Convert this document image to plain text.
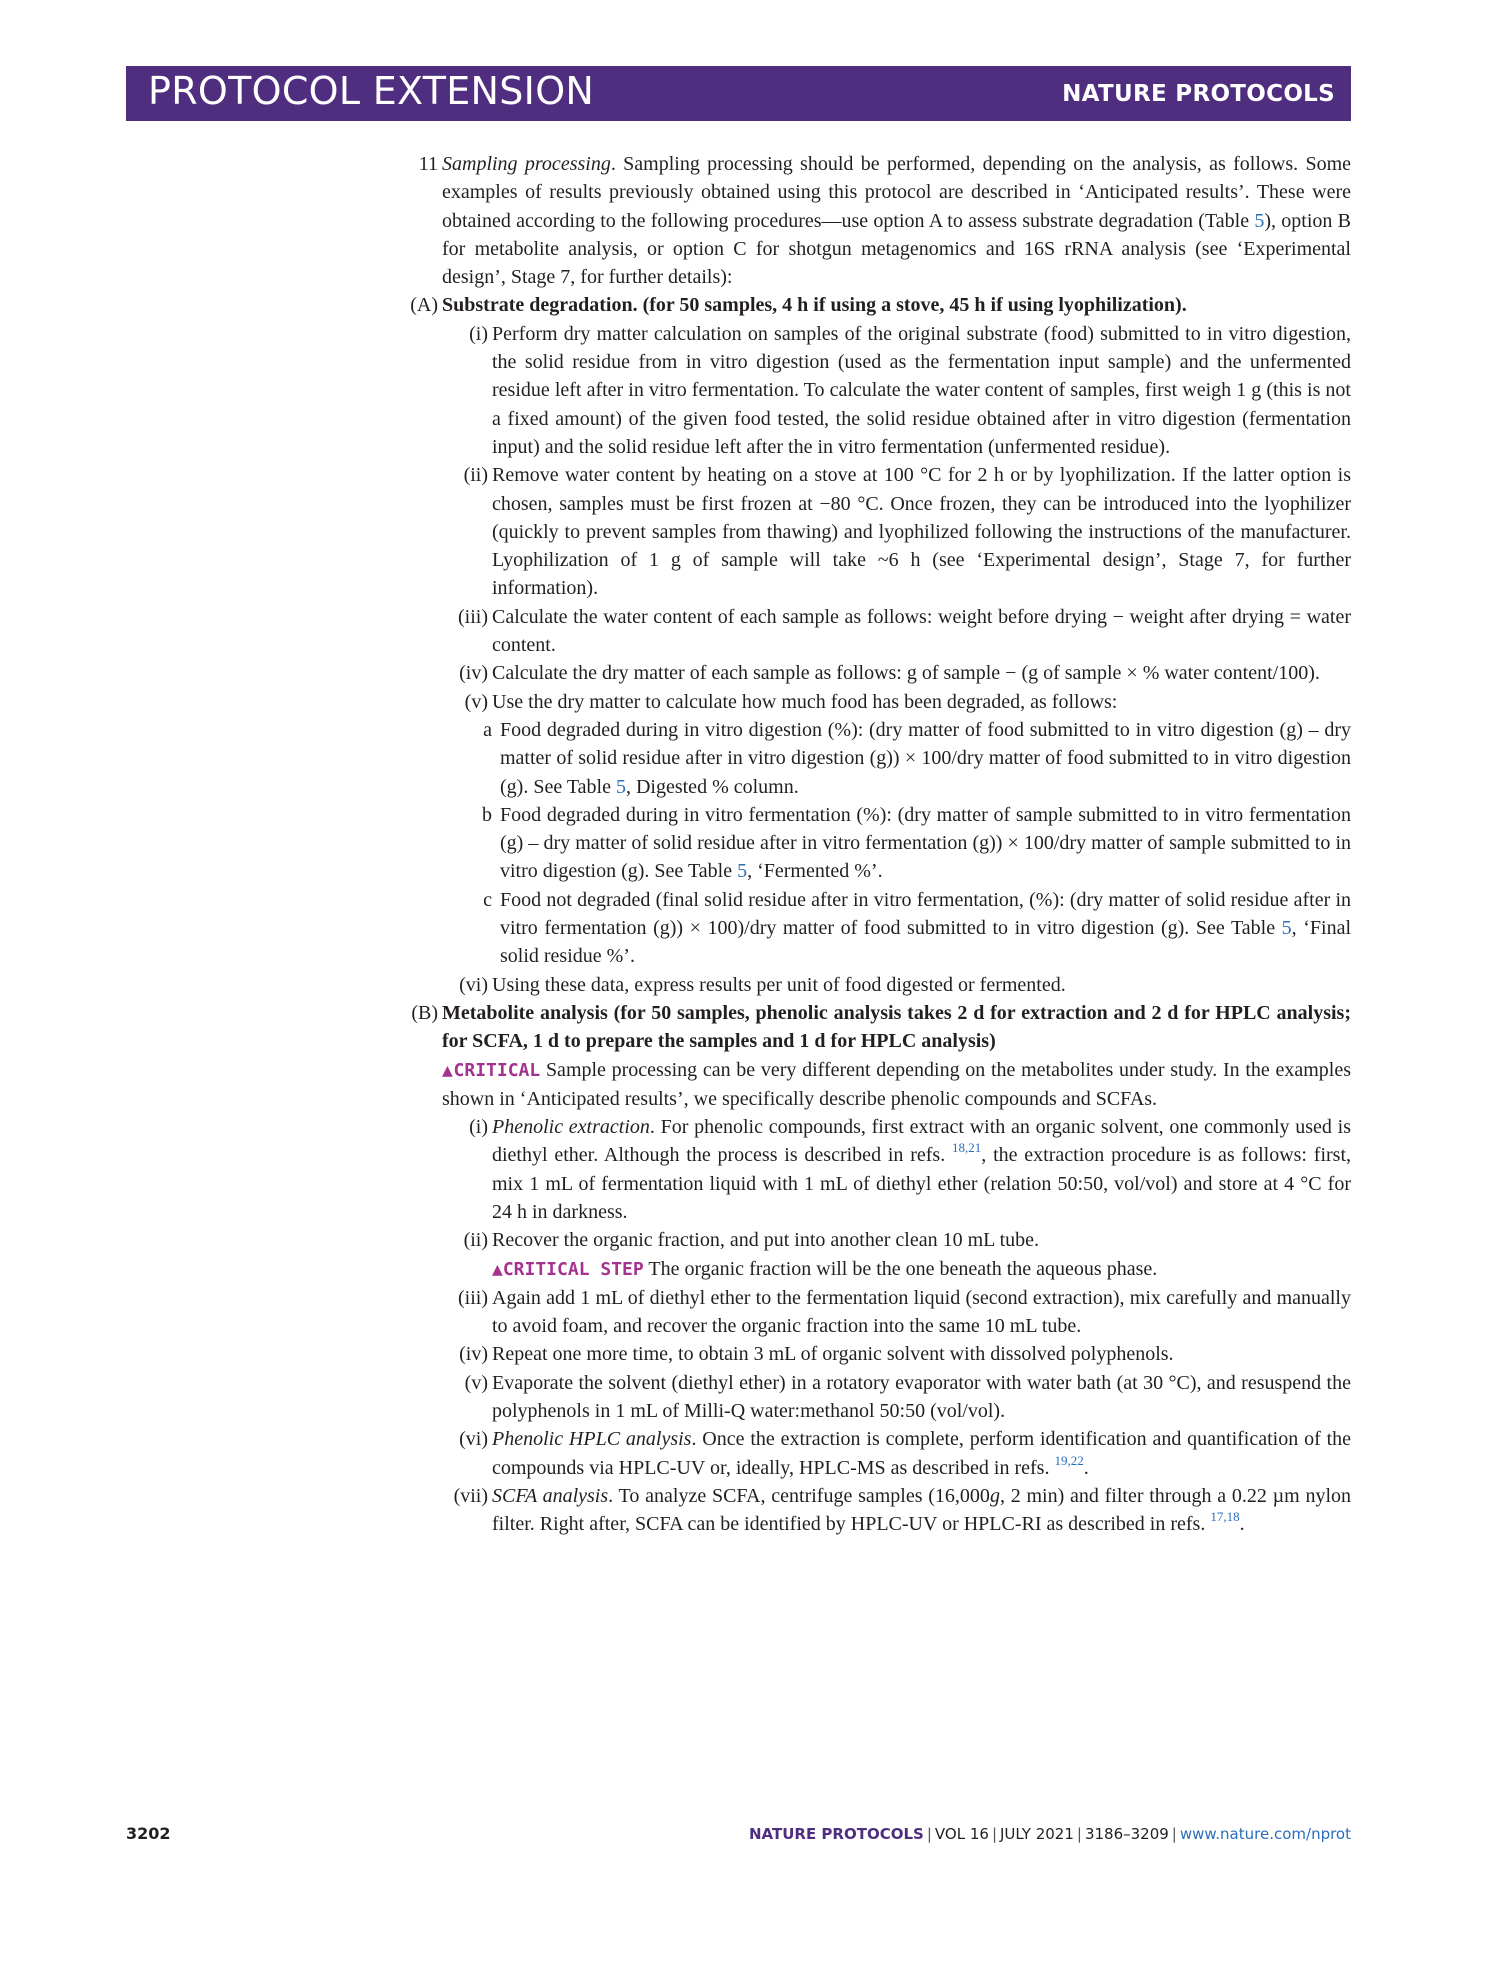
PROTOCOL EXTENSION	NATURE PROTOCOLS
11 Sampling processing. Sampling processing should be performed, depending on the analysis, as follows. Some examples of results previously obtained using this protocol are described in ‘Anticipated results’. These were obtained according to the following procedures—use option A to assess substrate degradation (Table 5), option B for metabolite analysis, or option C for shotgun metagenomics and 16S rRNA analysis (see ‘Experimental design’, Stage 7, for further details):
(A) Substrate degradation. (for 50 samples, 4 h if using a stove, 45 h if using lyophilization).
(i) Perform dry matter calculation on samples of the original substrate (food) submitted to in vitro digestion, the solid residue from in vitro digestion (used as the fermentation input sample) and the unfermented residue left after in vitro fermentation. To calculate the water content of samples, first weigh 1 g (this is not a fixed amount) of the given food tested, the solid residue obtained after in vitro digestion (fermentation input) and the solid residue left after the in vitro fermentation (unfermented residue).
(ii) Remove water content by heating on a stove at 100 °C for 2 h or by lyophilization. If the latter option is chosen, samples must be first frozen at −80 °C. Once frozen, they can be introduced into the lyophilizer (quickly to prevent samples from thawing) and lyophilized following the instructions of the manufacturer. Lyophilization of 1 g of sample will take ~6 h (see ‘Experimental design’, Stage 7, for further information).
(iii) Calculate the water content of each sample as follows: weight before drying − weight after drying = water content.
(iv) Calculate the dry matter of each sample as follows: g of sample − (g of sample × % water content/100).
(v) Use the dry matter to calculate how much food has been degraded, as follows:
a Food degraded during in vitro digestion (%): (dry matter of food submitted to in vitro digestion (g) – dry matter of solid residue after in vitro digestion (g)) × 100/dry matter of food submitted to in vitro digestion (g). See Table 5, Digested % column.
b Food degraded during in vitro fermentation (%): (dry matter of sample submitted to in vitro fermentation (g) – dry matter of solid residue after in vitro fermentation (g)) × 100/dry matter of sample submitted to in vitro digestion (g). See Table 5, ‘Fermented %’.
c Food not degraded (final solid residue after in vitro fermentation, (%): (dry matter of solid residue after in vitro fermentation (g)) × 100)/dry matter of food submitted to in vitro digestion (g). See Table 5, ‘Final solid residue %’.
(vi) Using these data, express results per unit of food digested or fermented.
(B) Metabolite analysis (for 50 samples, phenolic analysis takes 2 d for extraction and 2 d for HPLC analysis; for SCFA, 1 d to prepare the samples and 1 d for HPLC analysis)
▲CRITICAL Sample processing can be very different depending on the metabolites under study. In the examples shown in ‘Anticipated results’, we specifically describe phenolic compounds and SCFAs.
(i) Phenolic extraction. For phenolic compounds, first extract with an organic solvent, one commonly used is diethyl ether. Although the process is described in refs. $^{18,21}$, the extraction procedure is as follows: first, mix 1 mL of fermentation liquid with 1 mL of diethyl ether (relation 50:50, vol/vol) and store at 4 °C for 24 h in darkness.
(ii) Recover the organic fraction, and put into another clean 10 mL tube.
▲CRITICAL STEP The organic fraction will be the one beneath the aqueous phase.
(iii) Again add 1 mL of diethyl ether to the fermentation liquid (second extraction), mix carefully and manually to avoid foam, and recover the organic fraction into the same 10 mL tube.
(iv) Repeat one more time, to obtain 3 mL of organic solvent with dissolved polyphenols.
(v) Evaporate the solvent (diethyl ether) in a rotatory evaporator with water bath (at 30 °C), and resuspend the polyphenols in 1 mL of Milli-Q water:methanol 50:50 (vol/vol).
(vi) Phenolic HPLC analysis. Once the extraction is complete, perform identification and quantification of the compounds via HPLC-UV or, ideally, HPLC-MS as described in refs. $^{19,22}$.
(vii) SCFA analysis. To analyze SCFA, centrifuge samples (16,000g, 2 min) and filter through a 0.22 µm nylon filter. Right after, SCFA can be identified by HPLC-UV or HPLC-RI as described in refs. $^{17,18}$.
3202	NATURE PROTOCOLS | VOL 16 | JULY 2021 | 3186–3209 | www.nature.com/nprot
